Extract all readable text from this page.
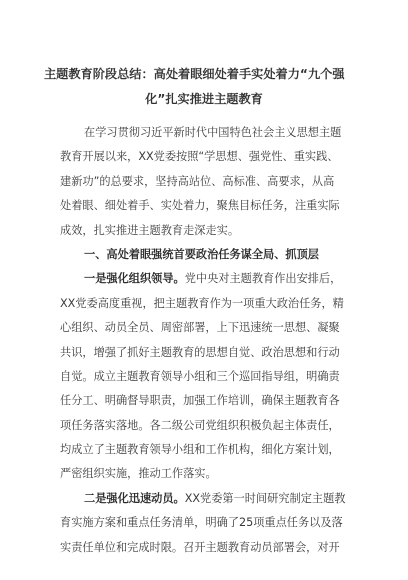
主题教育阶段总结：高处着眼细处着手实处着力“九个强
化”扎实推进主题教育
在学习贯彻习近平新时代中国特色社会主义思想主题
教育开展以来，XX党委按照“学思想、强党性、重实践、
建新功”的总要求，坚持高站位、高标准、高要求，从高
处着眼、细处着手、实处着力，聚焦目标任务，注重实际
成效，扎实推进主题教育走深走实。
一、高处着眼强统首要政治任务谋全局、抓顶层
一是强化组织领导。党中央对主题教育作出安排后，
XX党委高度重视，把主题教育作为一项重大政治任务，精
心组织、动员全员、周密部署，上下迅速统一思想、凝聚
共识，增强了抓好主题教育的思想自觉、政治思想和行动
自觉。成立主题教育领导小组和三个巡回指导组，明确责
任分工、明确督导职责，加强工作培训，确保主题教育各
项任务落实落地。各二级公司党组织积极负起主体责任，
均成立了主题教育领导小组和工作机构，细化方案计划，
严密组织实施，推动工作落实。
二是强化迅速动员。XX党委第一时间研究制定主题教
育实施方案和重点任务清单，明确了25项重点任务以及落
实责任单位和完成时限。召开主题教育动员部署会，对开
